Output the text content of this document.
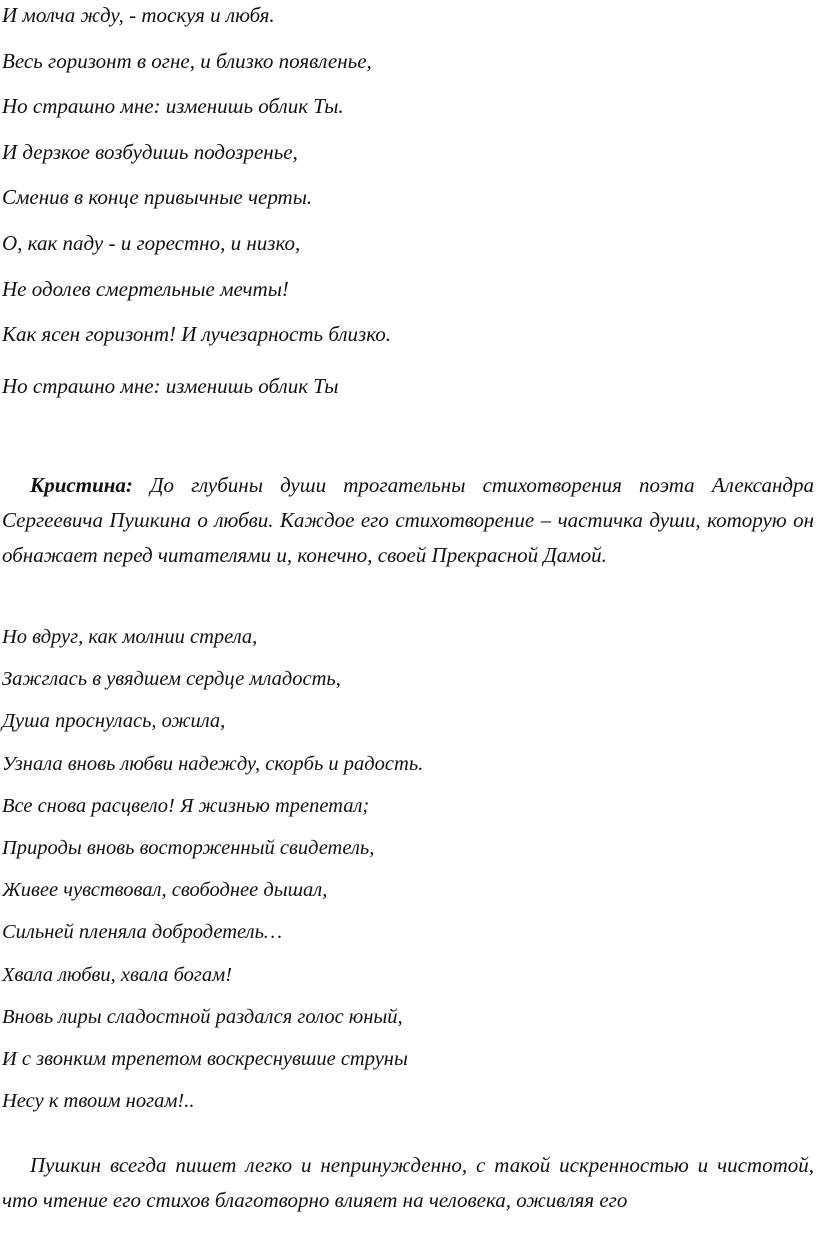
И молча жду, - тоскуя и любя.
Весь горизонт в огне, и близко появленье,
Но страшно мне: изменишь облик Ты.
И дерзкое возбудишь подозренье,
Сменив в конце привычные черты.
О, как паду - и горестно, и низко,
Не одолев смертельные мечты!
Как ясен горизонт! И лучезарность близко.
Но страшно мне: изменишь облик Ты

Кристина: До глубины души трогательны стихотворения поэта Александра Сергеевича Пушкина о любви. Каждое его стихотворение – частичка души, которую он обнажает перед читателями и, конечно, своей Прекрасной Дамой.

Но вдруг, как молнии стрела,
Зажглась в увядшем сердце младость,
Душа проснулась, ожила,
Узнала вновь любви надежду, скорбь и радость.
Все снова расцвело! Я жизнью трепетал;
Природы вновь восторженный свидетель,
Живее чувствовал, свободнее дышал,
Сильней пленяла добродетель…
Хвала любви, хвала богам!
Вновь лиры сладостной раздался голос юный,
И с звонким трепетом воскреснувшие струны
Несу к твоим ногам!..

Пушкин всегда пишет легко и непринужденно, с такой искренностью и чистотой, что чтение его стихов благотворно влияет на человека, оживляя его
